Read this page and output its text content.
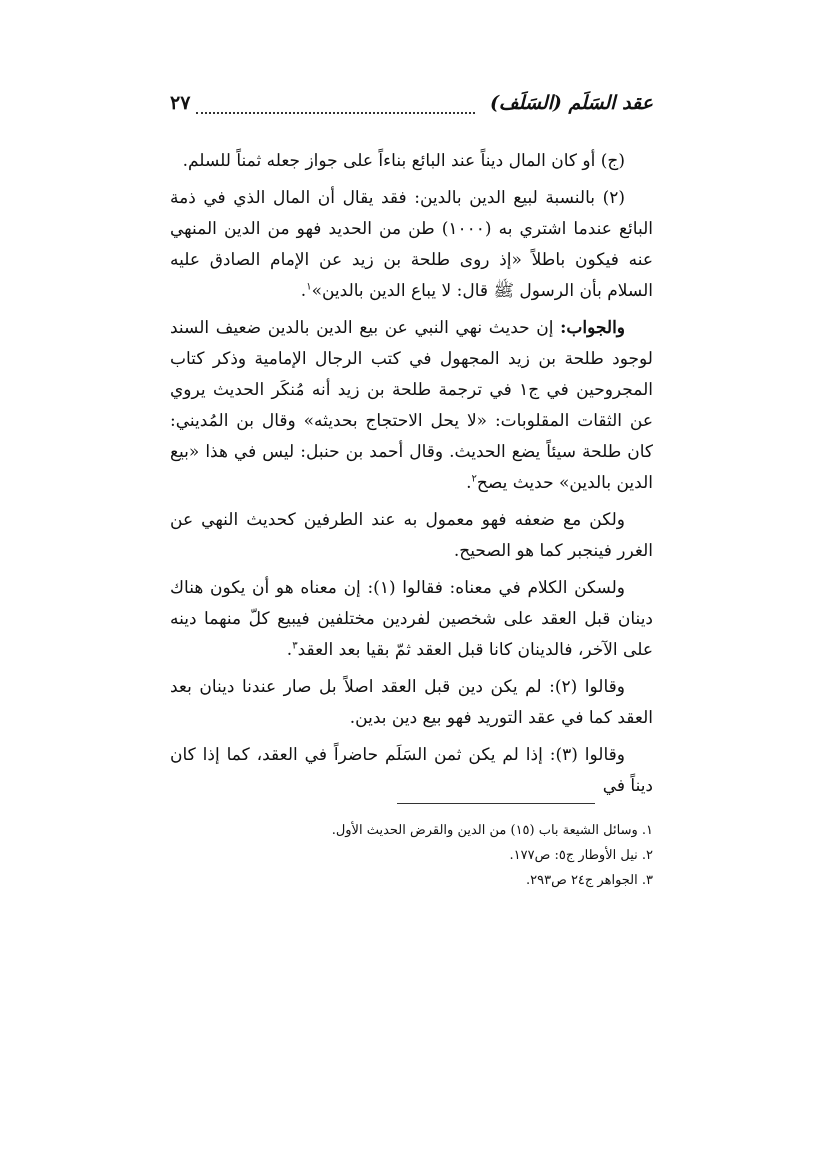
عقد السَلَم (السَلَف)
٢٧

(ج) أو كان المال ديناً عند البائع بناءاً على جواز جعله ثمناً للسلم.

(٢) بالنسبة لبيع الدين بالدين: فقد يقال أن المال الذي في ذمة البائع عندما اشتري به (١٠٠٠) طن من الحديد فهو من الدين المنهي عنه فيكون باطلاً «إذ روى طلحة بن زيد عن الإمام الصادق عليه السلام بأن الرسول ﷺ قال: لا يباع الدين بالدين»$^١$.

والجواب: إن حديث نهي النبي عن بيع الدين بالدين ضعيف السند لوجود طلحة بن زيد المجهول في كتب الرجال الإمامية وذكر كتاب المجروحين في ج١ في ترجمة طلحة بن زيد أنه مُنكَر الحديث يروي عن الثقات المقلوبات: «لا يحل الاحتجاج بحديثه» وقال بن المُديني: كان طلحة سيئاً يضع الحديث. وقال أحمد بن حنبل: ليس في هذا «بيع الدين بالدين» حديث يصح$^٢$.

ولكن مع ضعفه فهو معمول به عند الطرفين كحديث النهي عن الغرر فينجبر كما هو الصحيح.

ولسكن الكلام في معناه: فقالوا (١): إن معناه هو أن يكون هناك دينان قبل العقد على شخصين لفردين مختلفين فيبيع كلّ منهما دينه على الآخر، فالدينان كانا قبل العقد ثمّ بقيا بعد العقد$^٣$.

وقالوا (٢): لم يكن دين قبل العقد اصلاً بل صار عندنا دينان بعد العقد كما في عقد التوريد فهو بيع دين بدين.

وقالوا (٣): إذا لم يكن ثمن السَلَم حاضراً في العقد، كما إذا كان ديناً في

١. وسائل الشيعة باب (١٥) من الدين والقرض الحديث الأول.

٢. نيل الأوطار ج٥: ص١٧٧.

٣. الجواهر ج٢٤ ص٢٩٣.
